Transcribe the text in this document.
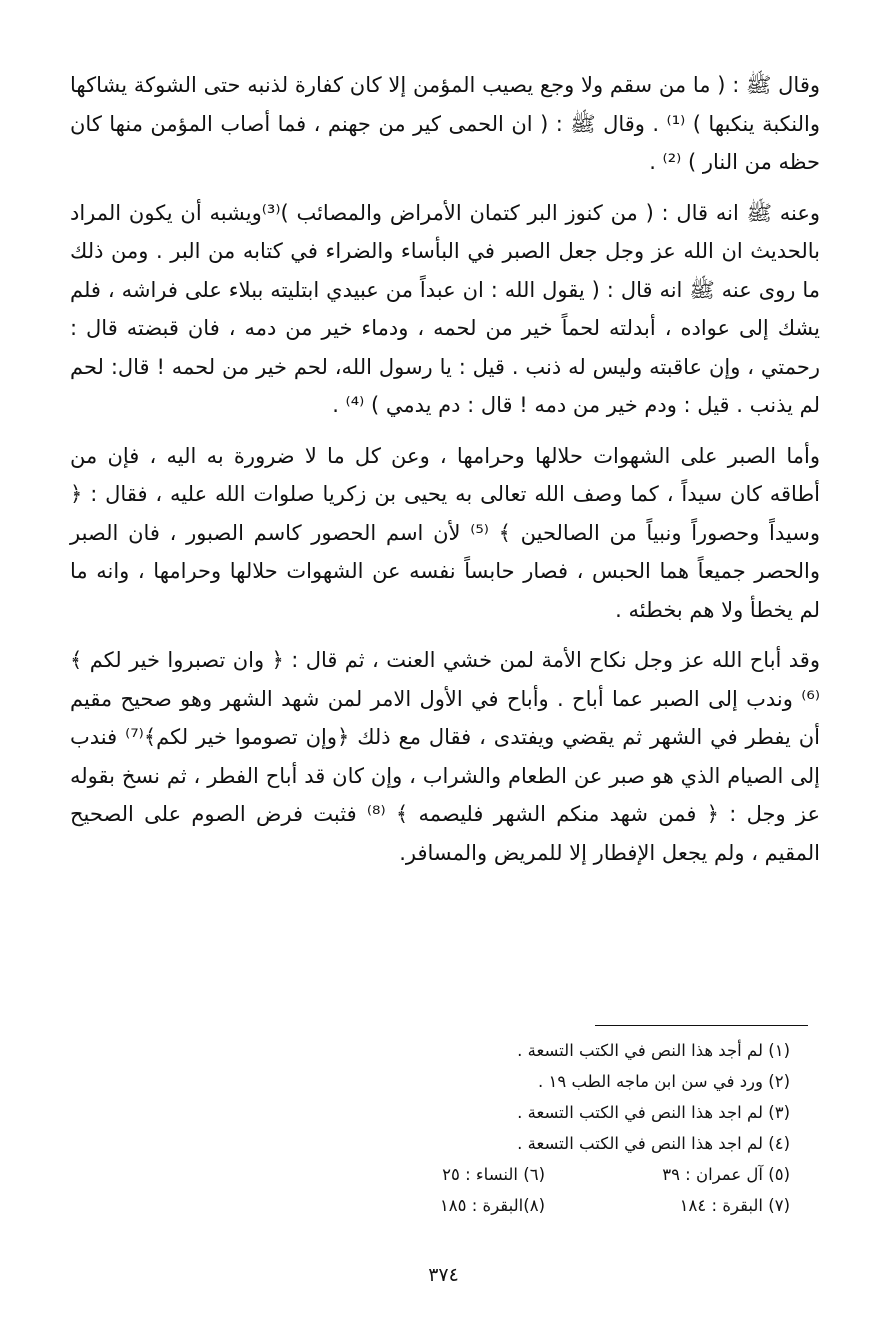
وقال ﷺ : ( ما من سقم ولا وجع يصيب المؤمن إلا كان كفارة لذنبه حتى الشوكة يشاكها والنكبة ينكبها ) ⁽¹⁾ . وقال ﷺ : ( ان الحمى كير من جهنم ، فما أصاب المؤمن منها كان حظه من النار ) ⁽²⁾ .

وعنه ﷺ انه قال : ( من كنوز البر كتمان الأمراض والمصائب )⁽³⁾ويشبه أن يكون المراد بالحديث ان الله عز وجل جعل الصبر في البأساء والضراء في كتابه من البر . ومن ذلك ما روى عنه ﷺ انه قال : ( يقول الله : ان عبداً من عبيدي ابتليته ببلاء على فراشه ، فلم يشك إلى عواده ، أبدلته لحماً خير من لحمه ، ودماء خير من دمه ، فان قبضته قال : رحمتي ، وإن عاقبته وليس له ذنب . قيل : يا رسول الله، لحم خير من لحمه ! قال: لحم لم يذنب . قيل : ودم خير من دمه ! قال : دم يدمي ) ⁽⁴⁾ .

وأما الصبر على الشهوات حلالها وحرامها ، وعن كل ما لا ضرورة به اليه ، فإن من أطاقه كان سيداً ، كما وصف الله تعالى به يحيى بن زكريا صلوات الله عليه ، فقال : ﴿ وسيداً وحصوراً ونبياً من الصالحين ﴾ ⁽⁵⁾ لأن اسم الحصور كاسم الصبور ، فان الصبر والحصر جميعاً هما الحبس ، فصار حابساً نفسه عن الشهوات حلالها وحرامها ، وانه ما لم يخطأ ولا هم بخطئه .

وقد أباح الله عز وجل نكاح الأمة لمن خشي العنت ، ثم قال : ﴿ وان تصبروا خير لكم ﴾ ⁽⁶⁾ وندب إلى الصبر عما أباح . وأباح في الأول الامر لمن شهد الشهر وهو صحيح مقيم أن يفطر في الشهر ثم يقضي ويفتدى ، فقال مع ذلك ﴿وإن تصوموا خير لكم﴾⁽⁷⁾ فندب إلى الصيام الذي هو صبر عن الطعام والشراب ، وإن كان قد أباح الفطر ، ثم نسخ بقوله عز وجل : ﴿ فمن شهد منكم الشهر فليصمه ﴾ ⁽⁸⁾ فثبت فرض الصوم على الصحيح المقيم ، ولم يجعل الإفطار إلا للمريض والمسافر.

(١) لم أجد هذا النص في الكتب التسعة .
(٢) ورد في سن ابن ماجه الطب ١٩ .
(٣) لم اجد هذا النص في الكتب التسعة .
(٤) لم اجد هذا النص في الكتب التسعة .
(٥) آل عمران : ٣٩
(٦) النساء : ٢٥
(٧) البقرة : ١٨٤
(٨)البقرة : ١٨٥
٣٧٤
